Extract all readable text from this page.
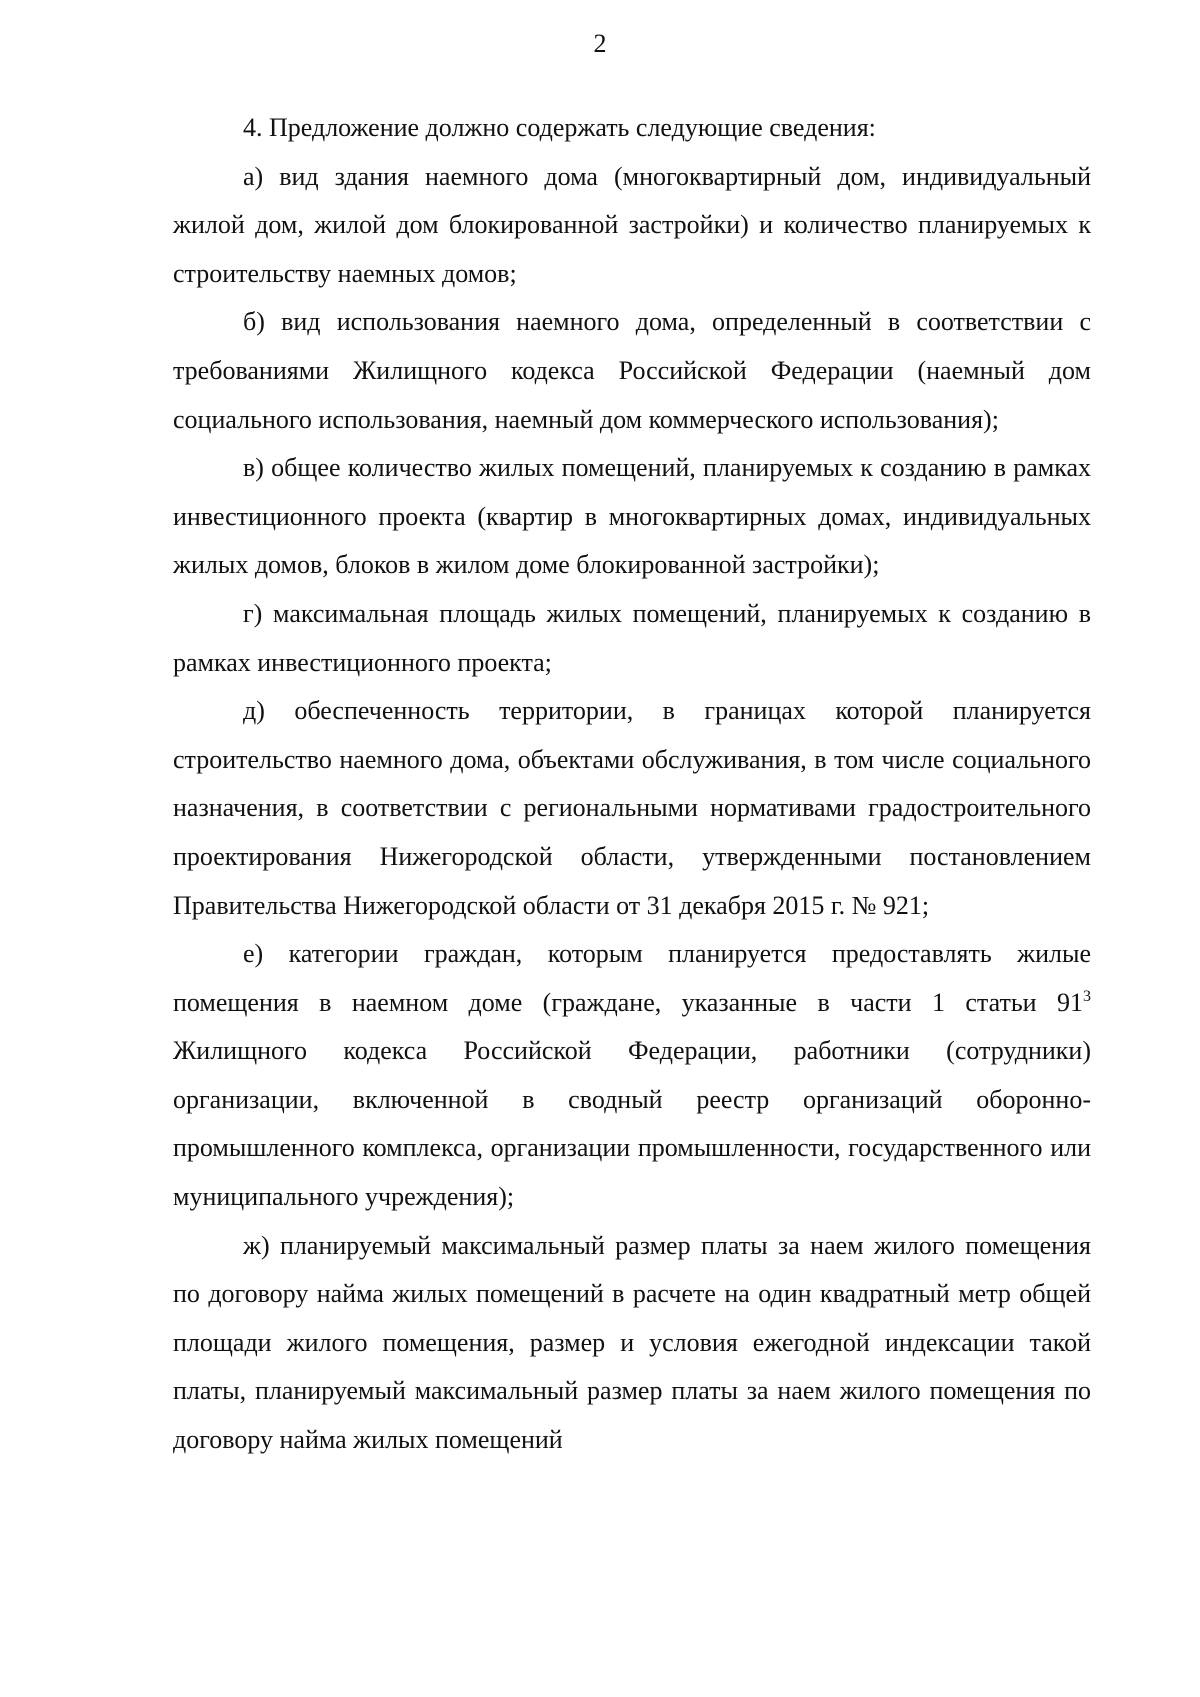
2

4. Предложение должно содержать следующие сведения:

а) вид здания наемного дома (многоквартирный дом, индивидуальный жилой дом, жилой дом блокированной застройки) и количество планируемых к строительству наемных домов;

б) вид использования наемного дома, определенный в соответствии с требованиями Жилищного кодекса Российской Федерации (наемный дом социального использования, наемный дом коммерческого использования);

в) общее количество жилых помещений, планируемых к созданию в рамках инвестиционного проекта (квартир в многоквартирных домах, индивидуальных жилых домов, блоков в жилом доме блокированной застройки);

г) максимальная площадь жилых помещений, планируемых к созданию в рамках инвестиционного проекта;

д) обеспеченность территории, в границах которой планируется строительство наемного дома, объектами обслуживания, в том числе социального назначения, в соответствии с региональными нормативами градостроительного проектирования Нижегородской области, утвержденными постановлением Правительства Нижегородской области от 31 декабря 2015 г. № 921;

е) категории граждан, которым планируется предоставлять жилые помещения в наемном доме (граждане, указанные в части 1 статьи $91^3$ Жилищного кодекса Российской Федерации, работники (сотрудники) организации, включенной в сводный реестр организаций оборонно-промышленного комплекса, организации промышленности, государственного или муниципального учреждения);

ж) планируемый максимальный размер платы за наем жилого помещения по договору найма жилых помещений в расчете на один квадратный метр общей площади жилого помещения, размер и условия ежегодной индексации такой платы, планируемый максимальный размер платы за наем жилого помещения по договору найма жилых помещений
